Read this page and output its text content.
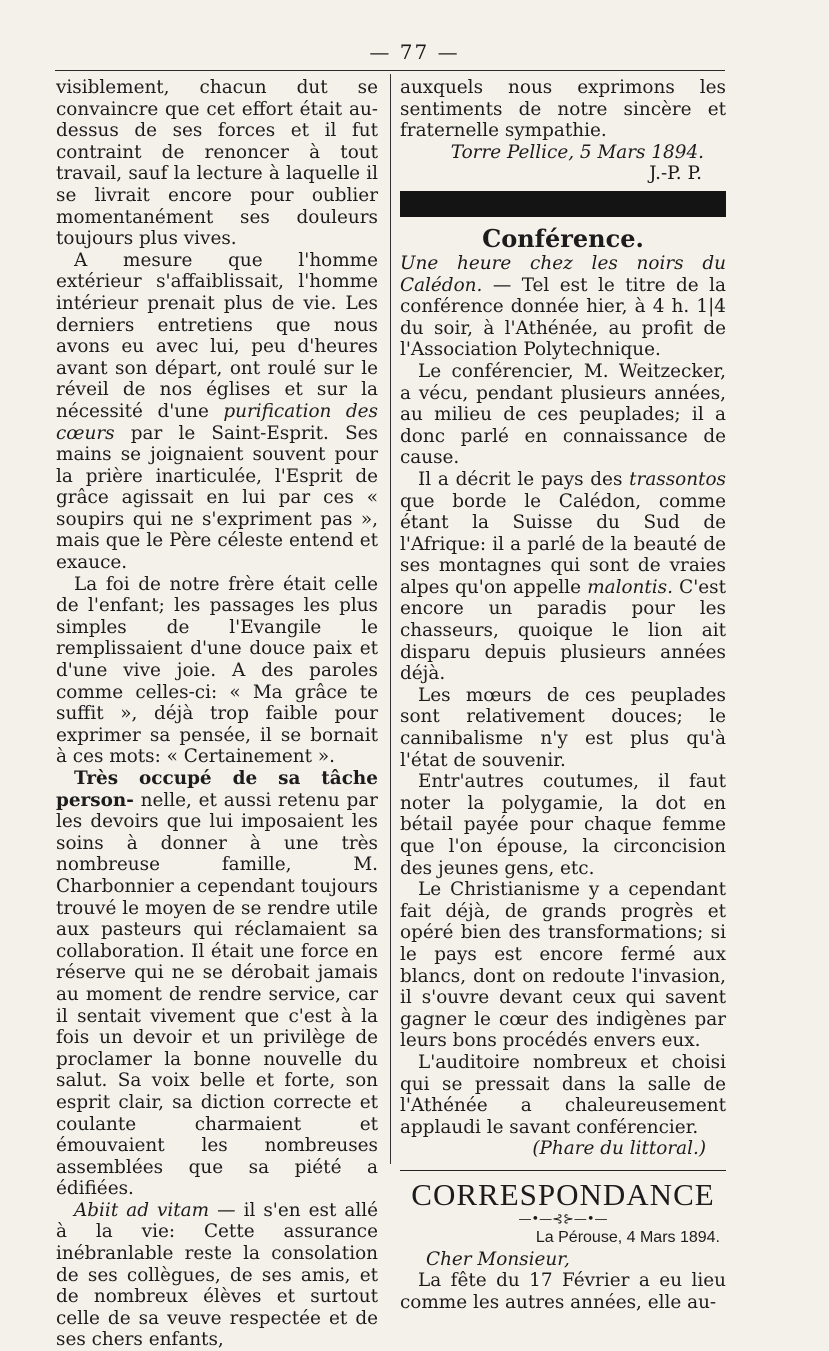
— 77 —

visiblement, chacun dut se convaincre que cet effort était au-dessus de ses forces et il fut contraint de renoncer à tout travail, sauf la lecture à laquelle il se livrait encore pour oublier momentanément ses douleurs toujours plus vives.

A mesure que l'homme extérieur s'affaiblissait, l'homme intérieur prenait plus de vie. Les derniers entretiens que nous avons eu avec lui, peu d'heures avant son départ, ont roulé sur le réveil de nos églises et sur la nécessité d'une purification des cœurs par le Saint-Esprit. Ses mains se joignaient souvent pour la prière inarticulée, l'Esprit de grâce agissait en lui par ces « soupirs qui ne s'expriment pas », mais que le Père céleste entend et exauce.

La foi de notre frère était celle de l'enfant; les passages les plus simples de l'Evangile le remplissaient d'une douce paix et d'une vive joie. A des paroles comme celles-ci: « Ma grâce te suffit », déjà trop faible pour exprimer sa pensée, il se bornait à ces mots: « Certainement ».

Très occupé de sa tâche person- nelle, et aussi retenu par les devoirs que lui imposaient les soins à donner à une très nombreuse famille, M. Charbonnier a cependant toujours trouvé le moyen de se rendre utile aux pasteurs qui réclamaient sa collaboration. Il était une force en réserve qui ne se dérobait jamais au moment de rendre service, car il sentait vivement que c'est à la fois un devoir et un privilège de proclamer la bonne nouvelle du salut. Sa voix belle et forte, son esprit clair, sa diction correcte et coulante charmaient et émouvaient les nombreuses assemblées que sa piété a édifiées.

Abiit ad vitam — il s'en est allé à la vie: Cette assurance inébranlable reste la consolation de ses collègues, de ses amis, et de nombreux élèves et surtout celle de sa veuve respectée et de ses chers enfants,

auxquels nous exprimons les sentiments de notre sincère et fraternelle sympathie.

Torre Pellice, 5 Mars 1894.
J.-P. P.
Conférence.

Une heure chez les noirs du Calédon. — Tel est le titre de la conférence donnée hier, à 4 h. 1|4 du soir, à l'Athénée, au profit de l'Association Polytechnique.

Le conférencier, M. Weitzecker, a vécu, pendant plusieurs années, au milieu de ces peuplades; il a donc parlé en connaissance de cause.

Il a décrit le pays des trassontos que borde le Calédon, comme étant la Suisse du Sud de l'Afrique: il a parlé de la beauté de ses montagnes qui sont de vraies alpes qu'on appelle malontis. C'est encore un paradis pour les chasseurs, quoique le lion ait disparu depuis plusieurs années déjà.

Les mœurs de ces peuplades sont relativement douces; le cannibalisme n'y est plus qu'à l'état de souvenir.

Entr'autres coutumes, il faut noter la polygamie, la dot en bétail payée pour chaque femme que l'on épouse, la circoncision des jeunes gens, etc.

Le Christianisme y a cependant fait déjà, de grands progrès et opéré bien des transformations; si le pays est encore fermé aux blancs, dont on redoute l'invasion, il s'ouvre devant ceux qui savent gagner le cœur des indigènes par leurs bons procédés envers eux.

L'auditoire nombreux et choisi qui se pressait dans la salle de l'Athénée a chaleureusement applaudi le savant conférencier.

(Phare du littoral.)
CORRESPONDANCE
—•—⊰⊱—•—
La Pérouse, 4 Mars 1894.

Cher Monsieur,

La fête du 17 Février a eu lieu comme les autres années, elle au-
